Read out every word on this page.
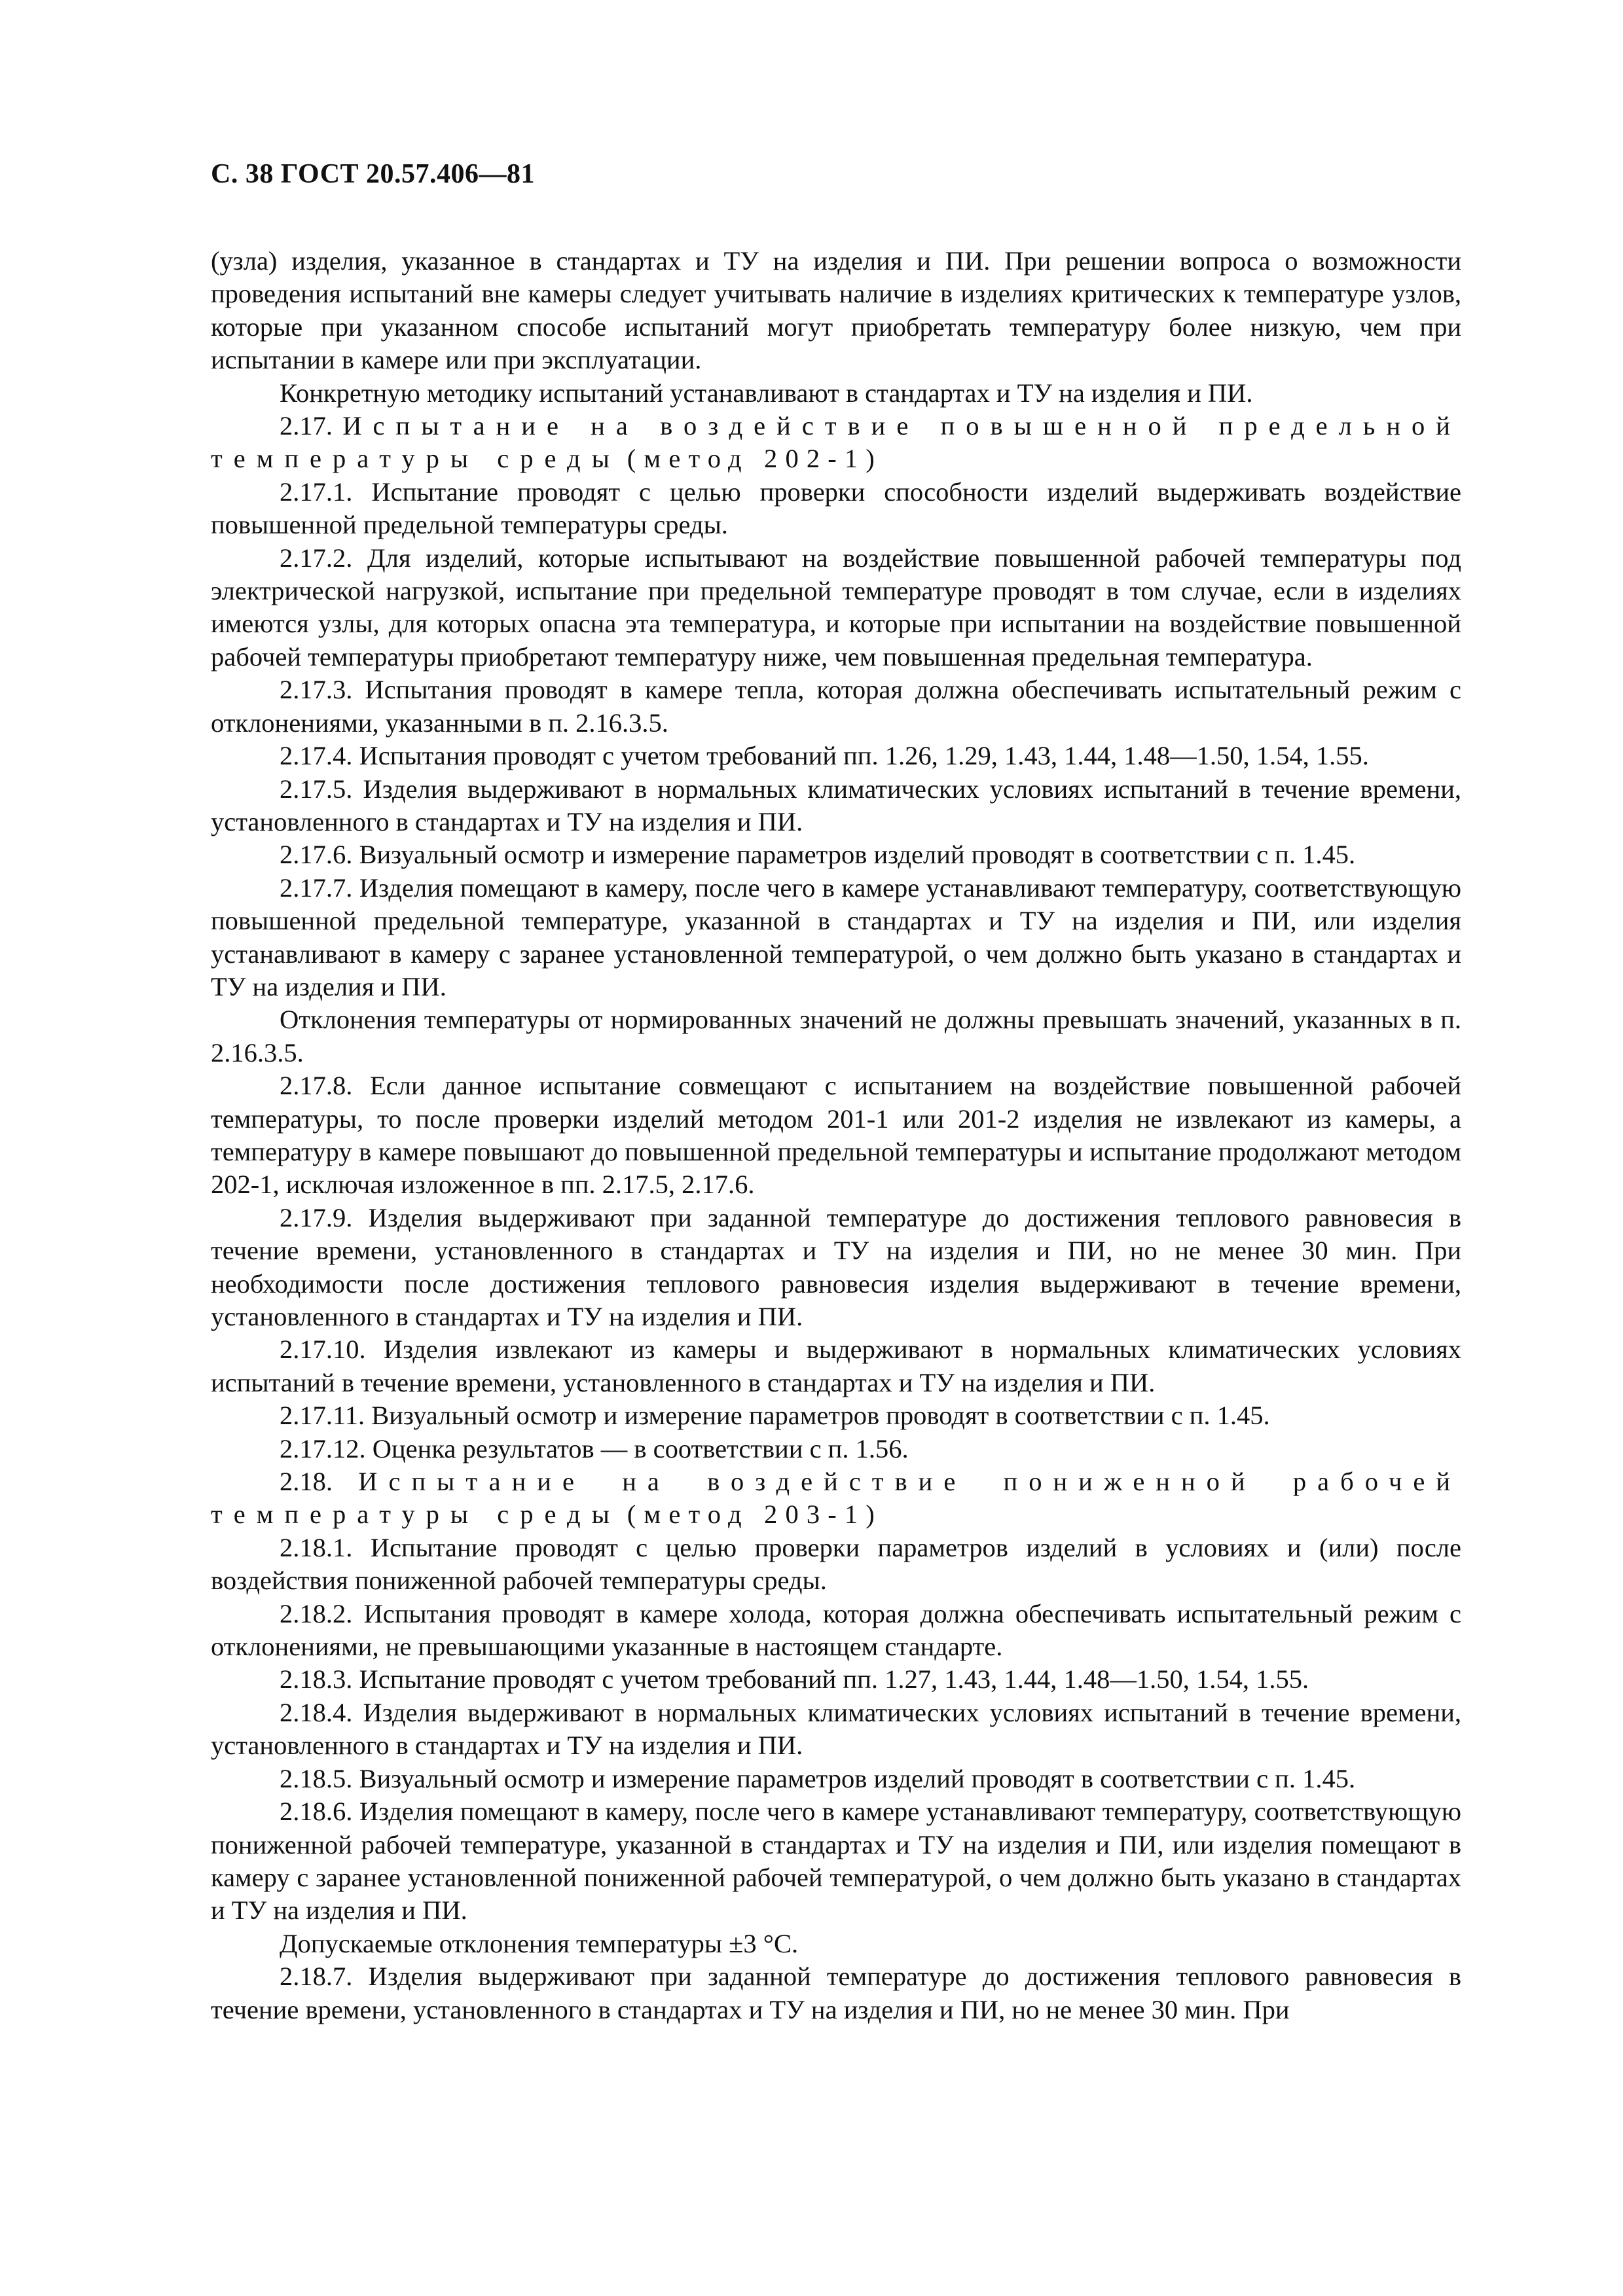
С. 38 ГОСТ 20.57.406—81

(узла) изделия, указанное в стандартах и ТУ на изделия и ПИ. При решении вопроса о возможности проведения испытаний вне камеры следует учитывать наличие в изделиях критических к температуре узлов, которые при указанном способе испытаний могут приобретать температуру более низкую, чем при испытании в камере или при эксплуатации.

Конкретную методику испытаний устанавливают в стандартах и ТУ на изделия и ПИ.

2.17. Испытание на воздействие повышенной предельной температуры среды (метод 202-1)

2.17.1. Испытание проводят с целью проверки способности изделий выдерживать воздействие повышенной предельной температуры среды.

2.17.2. Для изделий, которые испытывают на воздействие повышенной рабочей температуры под электрической нагрузкой, испытание при предельной температуре проводят в том случае, если в изделиях имеются узлы, для которых опасна эта температура, и которые при испытании на воздействие повышенной рабочей температуры приобретают температуру ниже, чем повышенная предельная температура.

2.17.3. Испытания проводят в камере тепла, которая должна обеспечивать испытательный режим с отклонениями, указанными в п. 2.16.3.5.

2.17.4. Испытания проводят с учетом требований пп. 1.26, 1.29, 1.43, 1.44, 1.48—1.50, 1.54, 1.55.

2.17.5. Изделия выдерживают в нормальных климатических условиях испытаний в течение времени, установленного в стандартах и ТУ на изделия и ПИ.

2.17.6. Визуальный осмотр и измерение параметров изделий проводят в соответствии с п. 1.45.

2.17.7. Изделия помещают в камеру, после чего в камере устанавливают температуру, соответствующую повышенной предельной температуре, указанной в стандартах и ТУ на изделия и ПИ, или изделия устанавливают в камеру с заранее установленной температурой, о чем должно быть указано в стандартах и ТУ на изделия и ПИ.

Отклонения температуры от нормированных значений не должны превышать значений, указанных в п. 2.16.3.5.

2.17.8. Если данное испытание совмещают с испытанием на воздействие повышенной рабочей температуры, то после проверки изделий методом 201-1 или 201-2 изделия не извлекают из камеры, а температуру в камере повышают до повышенной предельной температуры и испытание продолжают методом 202-1, исключая изложенное в пп. 2.17.5, 2.17.6.

2.17.9. Изделия выдерживают при заданной температуре до достижения теплового равновесия в течение времени, установленного в стандартах и ТУ на изделия и ПИ, но не менее 30 мин. При необходимости после достижения теплового равновесия изделия выдерживают в течение времени, установленного в стандартах и ТУ на изделия и ПИ.

2.17.10. Изделия извлекают из камеры и выдерживают в нормальных климатических условиях испытаний в течение времени, установленного в стандартах и ТУ на изделия и ПИ.

2.17.11. Визуальный осмотр и измерение параметров проводят в соответствии с п. 1.45.

2.17.12. Оценка результатов — в соответствии с п. 1.56.

2.18. Испытание на воздействие пониженной рабочей температуры среды (метод 203-1)

2.18.1. Испытание проводят с целью проверки параметров изделий в условиях и (или) после воздействия пониженной рабочей температуры среды.

2.18.2. Испытания проводят в камере холода, которая должна обеспечивать испытательный режим с отклонениями, не превышающими указанные в настоящем стандарте.

2.18.3. Испытание проводят с учетом требований пп. 1.27, 1.43, 1.44, 1.48—1.50, 1.54, 1.55.

2.18.4. Изделия выдерживают в нормальных климатических условиях испытаний в течение времени, установленного в стандартах и ТУ на изделия и ПИ.

2.18.5. Визуальный осмотр и измерение параметров изделий проводят в соответствии с п. 1.45.

2.18.6. Изделия помещают в камеру, после чего в камере устанавливают температуру, соответствующую пониженной рабочей температуре, указанной в стандартах и ТУ на изделия и ПИ, или изделия помещают в камеру с заранее установленной пониженной рабочей температурой, о чем должно быть указано в стандартах и ТУ на изделия и ПИ.

Допускаемые отклонения температуры ±3 °С.

2.18.7. Изделия выдерживают при заданной температуре до достижения теплового равновесия в течение времени, установленного в стандартах и ТУ на изделия и ПИ, но не менее 30 мин. При
